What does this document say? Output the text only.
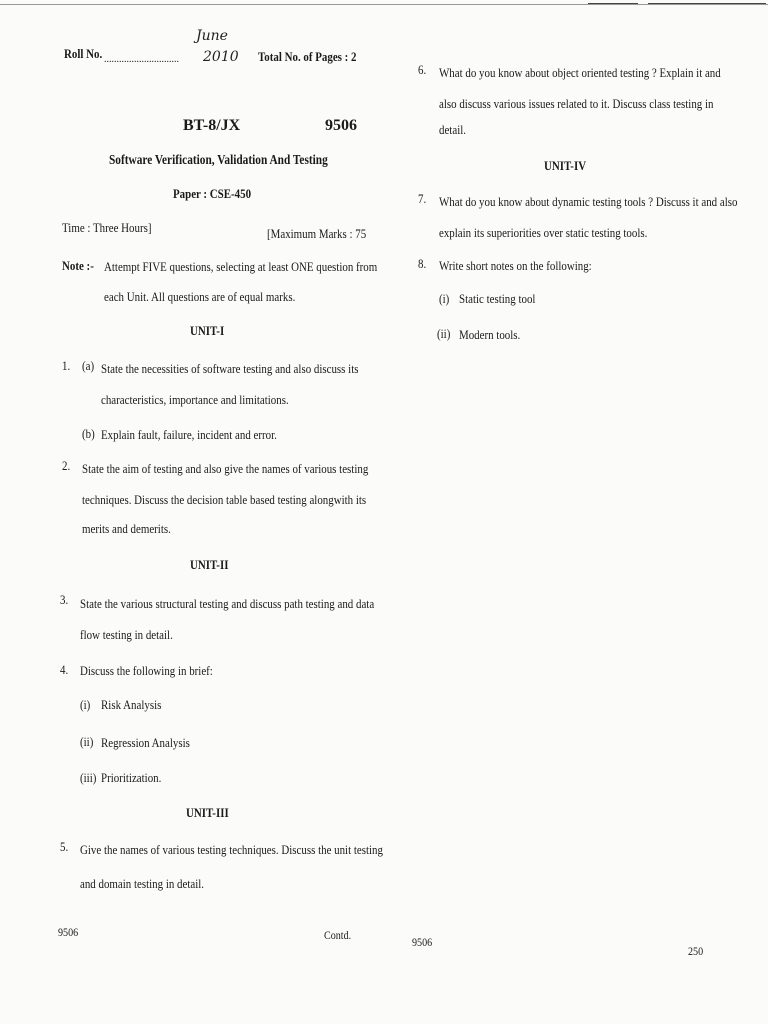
Roll No. ..............................
June
2010 Total No. of Pages : 2
BT-8/JX	9506
Software Verification, Validation And Testing
Paper : CSE-450
Time : Three Hours]	[Maximum Marks : 75
Note :- Attempt FIVE questions, selecting at least ONE question from
each Unit. All questions are of equal marks.
UNIT-I
1. (a) State the necessities of software testing and also discuss its
characteristics, importance and limitations.
(b) Explain fault, failure, incident and error.
2. State the aim of testing and also give the names of various testing
techniques. Discuss the decision table based testing alongwith its
merits and demerits.
UNIT-II
3. State the various structural testing and discuss path testing and data
flow testing in detail.
4. Discuss the following in brief:
(i) Risk Analysis
(ii) Regression Analysis
(iii) Prioritization.
UNIT-III
5. Give the names of various testing techniques. Discuss the unit testing
and domain testing in detail.
9506	Contd.
6. What do you know about object oriented testing ? Explain it and
also discuss various issues related to it. Discuss class testing in
detail.
UNIT-IV
7. What do you know about dynamic testing tools ? Discuss it and also
explain its superiorities over static testing tools.
8. Write short notes on the following:
(i) Static testing tool
(ii) Modern tools.
9506
250
